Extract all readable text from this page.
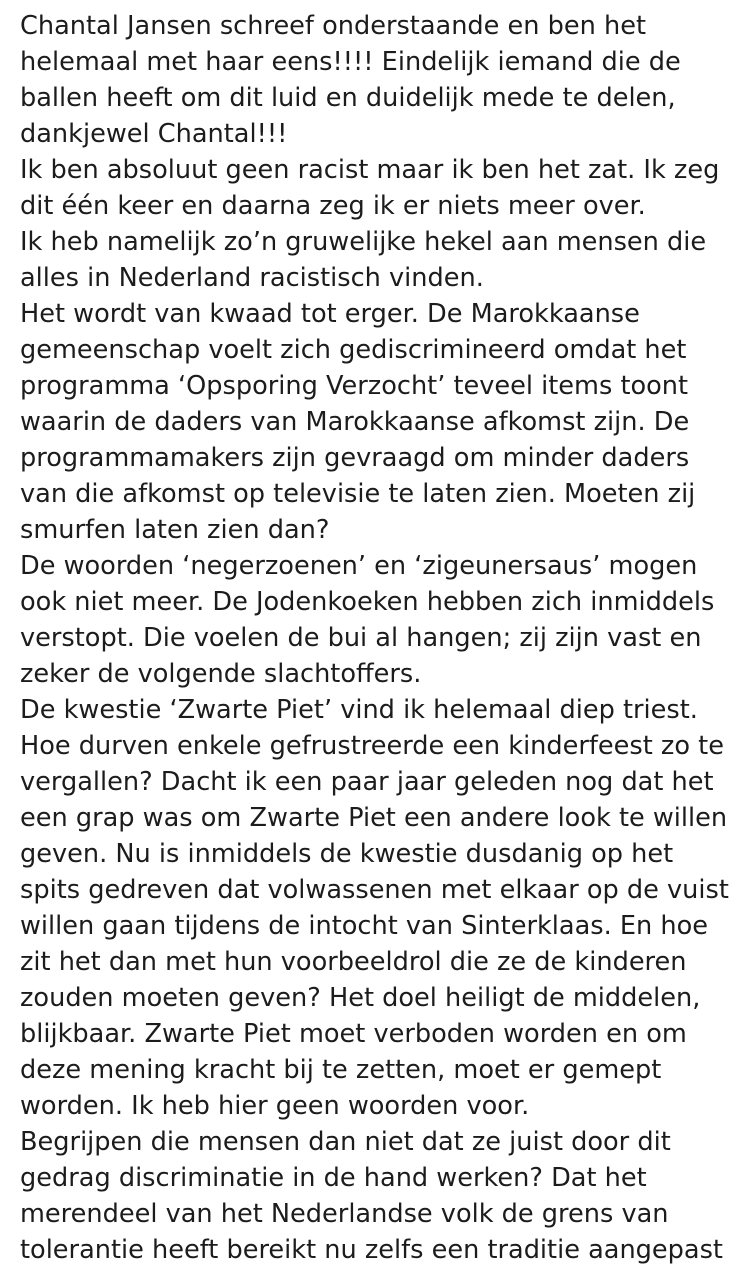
Chantal Jansen schreef onderstaande en ben het
helemaal met haar eens!!!! Eindelijk iemand die de
ballen heeft om dit luid en duidelijk mede te delen,
dankjewel Chantal!!!
Ik ben absoluut geen racist maar ik ben het zat. Ik zeg
dit één keer en daarna zeg ik er niets meer over.
Ik heb namelijk zo’n gruwelijke hekel aan mensen die
alles in Nederland racistisch vinden.
Het wordt van kwaad tot erger. De Marokkaanse
gemeenschap voelt zich gediscrimineerd omdat het
programma ‘Opsporing Verzocht’ teveel items toont
waarin de daders van Marokkaanse afkomst zijn. De
programmamakers zijn gevraagd om minder daders
van die afkomst op televisie te laten zien. Moeten zij
smurfen laten zien dan?
De woorden ‘negerzoenen’ en ‘zigeunersaus’ mogen
ook niet meer. De Jodenkoeken hebben zich inmiddels
verstopt. Die voelen de bui al hangen; zij zijn vast en
zeker de volgende slachtoffers.
De kwestie ‘Zwarte Piet’ vind ik helemaal diep triest.
Hoe durven enkele gefrustreerde een kinderfeest zo te
vergallen? Dacht ik een paar jaar geleden nog dat het
een grap was om Zwarte Piet een andere look te willen
geven. Nu is inmiddels de kwestie dusdanig op het
spits gedreven dat volwassenen met elkaar op de vuist
willen gaan tijdens de intocht van Sinterklaas. En hoe
zit het dan met hun voorbeeldrol die ze de kinderen
zouden moeten geven? Het doel heiligt de middelen,
blijkbaar. Zwarte Piet moet verboden worden en om
deze mening kracht bij te zetten, moet er gemept
worden. Ik heb hier geen woorden voor.
Begrijpen die mensen dan niet dat ze juist door dit
gedrag discriminatie in de hand werken? Dat het
merendeel van het Nederlandse volk de grens van
tolerantie heeft bereikt nu zelfs een traditie aangepast
